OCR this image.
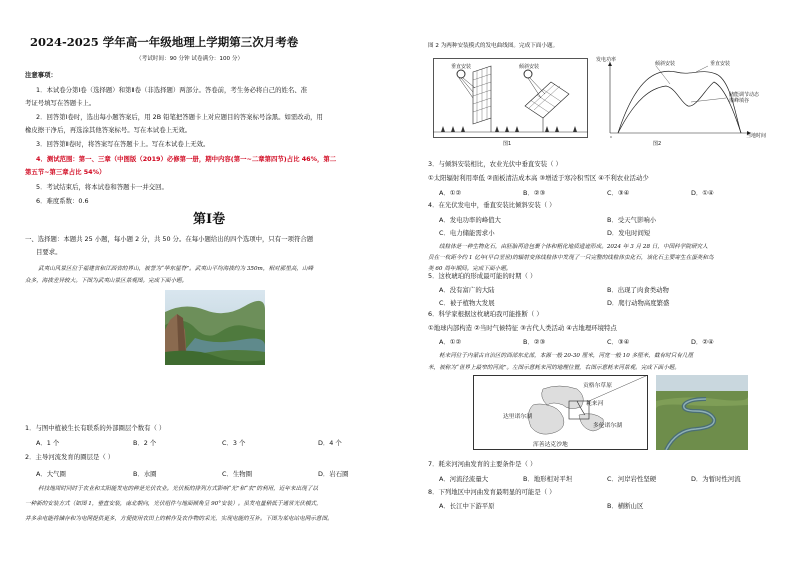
2024-2025 学年高一年级地理上学期第三次月考卷
（考试时间：90 分钟 试卷满分：100 分）
注意事项：
1．本试卷分第Ⅰ卷（选择题）和第Ⅱ卷（非选择题）两部分。答卷前，考生务必将自己的姓名、准
考证号填写在答题卡上。
2．回答第Ⅰ卷时，选出每小题答案后，用 2B 铅笔把答题卡上对应题目的答案标号涂黑。如需改动，用
橡皮擦干净后，再选涂其他答案标号。写在本试卷上无效。
3．回答第Ⅱ卷时，将答案写在答题卡上。写在本试卷上无效。
4．测试范围：第一、三章（中图版（2019）必修第一册，期中内容(第一~二章第四节)占比 46%，第二
第五节~第三章占比 54%）
5．考试结束后，将本试卷和答题卡一并交回。
6．难度系数：0.6
第Ⅰ卷
一、选择题：本题共 25 小题，每小题 2 分，共 50 分。在每小题给出的四个选项中，只有一项符合题
目要求。
武夷山风景区位于福建省和江西省的界山，被誉为“华东屋脊”。武夷山平均海拔约为 350m，相对那里高，山峰
众多，海拔差异较大。下图为武夷山景区景观图。完成下面小题。
1．与图中植被生长有联系的外部圈层个数有（ ）
A．1 个	B．2 个	C．3 个	D．4 个
2．主导河流发育的圈层是（ ）
A．大气圈	B．水圈	C．生物圈	D．岩石圈
科技地周时同时于农业和太阳能发电的种是光伏农业。光伏板的排列方式影响“光”和“农”的利用，近年来出现了以
一种新的安装方式（如图 1，垂直安装，南北朝向，光伏组件与地面倾角呈 90°安装）。虽发电量稍低于通常光伏模式，
并多余电能将储存和为电网提供更多，方便使用农田上的耕作及农作物的采光，实现电能的互补。下图为某电站电网示意图。
图 2 为两种安装模式的发电曲线图。完成下面小题。
垂直安装	倾斜安装
图1
0
发电功率
倾斜安装	垂直安装
储能调节动态
填峰填谷
当地时间
图2
3．与倾斜安装相比，农业光伏中垂直安装（ ）
①太阳辐射利用率低 ②面板清洁成本高 ③增适于寒冷积雪区 ④不利农业活动少
A．①②	B．②③	C．③④	D．①④
4．在光伏发电中，垂直安装比倾斜安装（ ）
A．发电功率的峰值大	B．受天气影响小
C．电力储能需求小	D．发电时间短
线粒体是一种生物化石，由胚胎再造包裹个体和粗化地质遗迹形成。2024 年 3 月 28 日，中国科学院研究人
员在一枚距今约 1 亿年(早白垩世)的辐射变体线粒体中发现了一只完整的线粒体虫化石，该化石主要寄生在蛋类和鸟
类 60 周年期间。完成下面小题。
5．这枚琥珀的形成最可能的时期（ ）
A．没有富广的大陆	B．出现了肉食类动物
C．被子植物大发展	D．爬行动物高度繁盛
6．科学家根据这枚琥珀我可能推断（ ）
①地球内部构造 ②当时气候特征 ③古代人类活动 ④古地理环境特点
A．①②	B．②③	C．③④	D．②④
耗来河位于内蒙古自治区的西部东北部，本源一般 20-30 厘米，河宽一般 10 多厘米，截有时只有几厘
米，被称为“世界上最窄的河流”。左图示意耗来河的地理位置，右图示意耗来河景观。完成下面小题。
贡格尔草原
耗来河
达里诺尔湖
多伦诺尔湖
浑善达克沙地
7．耗来河河曲发育的主要条件是（ ）
A．河流径流量大	B．地形相对平坦	C．河岸岩性坚硬	D．为暂时性河流
8．下列地区中河曲发育最明显的可能是（ ）
A．长江中下游平原	B．横断山区
